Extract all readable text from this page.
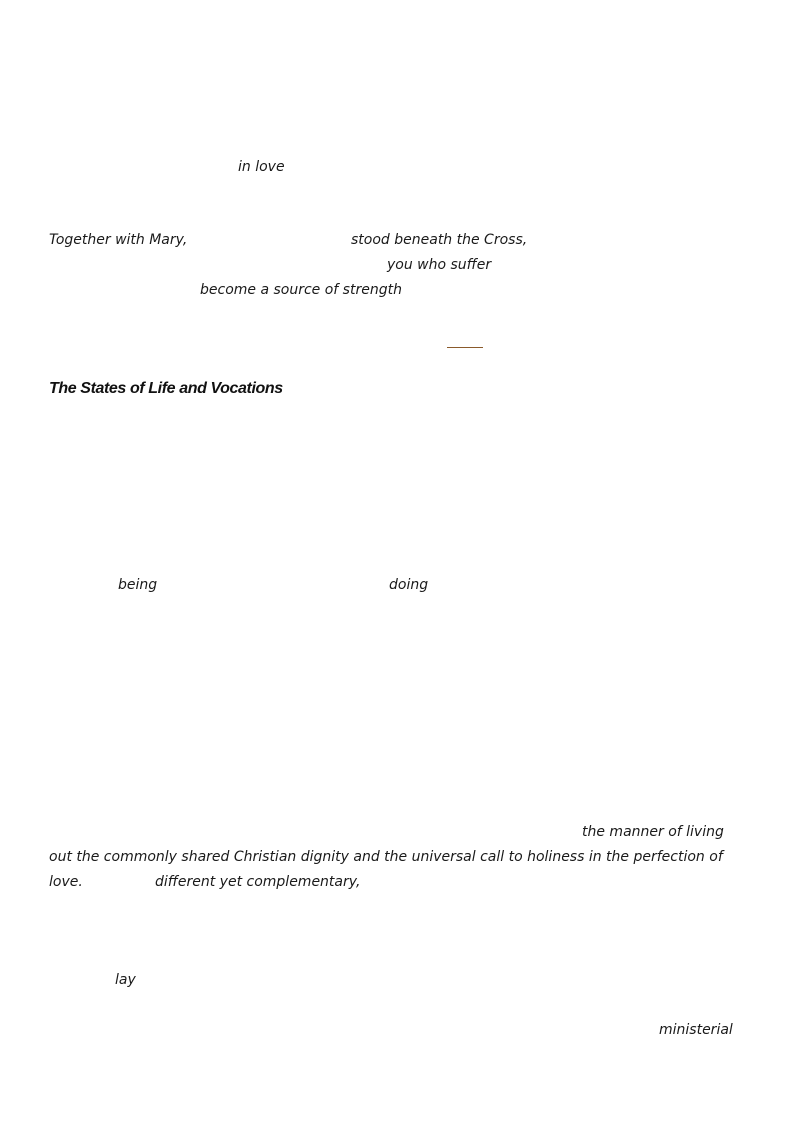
in love
Together with Mary,	stood beneath the Cross,
you who suffer
become a source of strength
The States of Life and Vocations
being	doing
the manner of living
out the commonly shared Christian dignity and the universal call to holiness in the perfection of
love.	different yet complementary,
lay
ministerial
